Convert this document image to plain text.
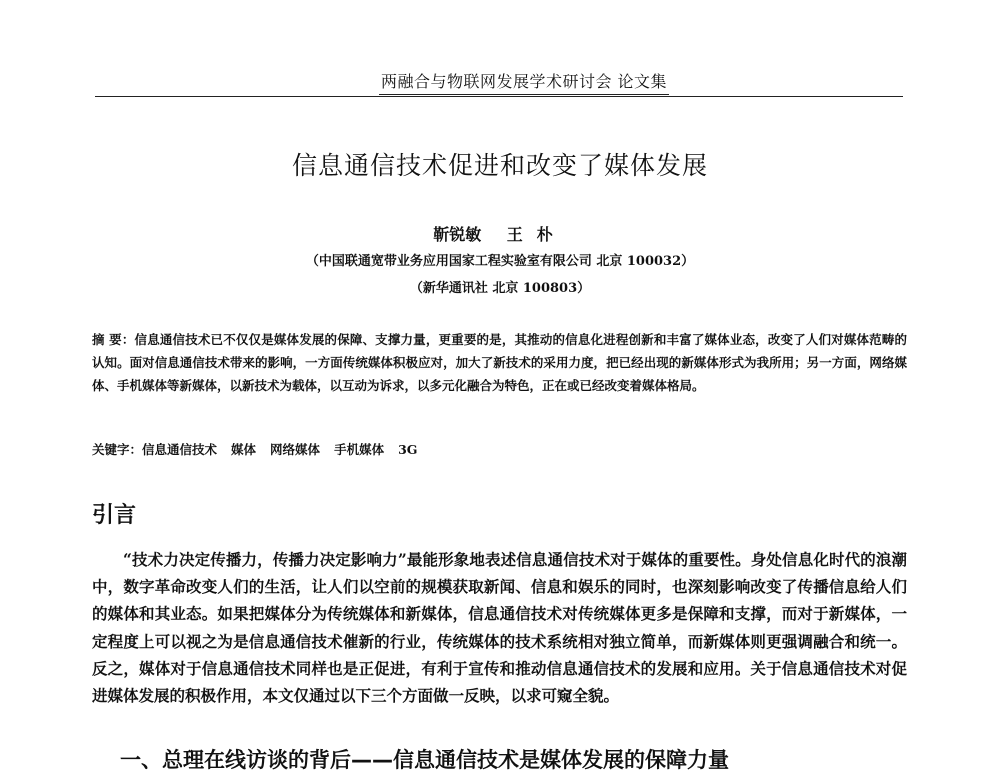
两融合与物联网发展学术研讨会 论文集
信息通信技术促进和改变了媒体发展
靳锐敏 王朴
（中国联通宽带业务应用国家工程实验室有限公司 北京 100032）
（新华通讯社 北京 100803）

摘 要：信息通信技术已不仅仅是媒体发展的保障、支撑力量，更重要的是，其推动的信息化进程创新和丰富了媒体业态，改变了人们对媒体范畴的认知。面对信息通信技术带来的影响，一方面传统媒体积极应对，加大了新技术的采用力度，把已经出现的新媒体形式为我所用；另一方面，网络媒体、手机媒体等新媒体，以新技术为载体，以互动为诉求，以多元化融合为特色，正在或已经改变着媒体格局。

关键字：信息通信技术 媒体 网络媒体 手机媒体 3G

引言

“技术力决定传播力，传播力决定影响力”最能形象地表述信息通信技术对于媒体的重要性。身处信息化时代的浪潮中，数字革命改变人们的生活，让人们以空前的规模获取新闻、信息和娱乐的同时，也深刻影响改变了传播信息给人们的媒体和其业态。如果把媒体分为传统媒体和新媒体，信息通信技术对传统媒体更多是保障和支撑，而对于新媒体，一定程度上可以视之为是信息通信技术催新的行业，传统媒体的技术系统相对独立简单，而新媒体则更强调融合和统一。反之，媒体对于信息通信技术同样也是正促进，有利于宣传和推动信息通信技术的发展和应用。关于信息通信技术对促进媒体发展的积极作用，本文仅通过以下三个方面做一反映，以求可窥全貌。

一、总理在线访谈的背后——信息通信技术是媒体发展的保障力量
